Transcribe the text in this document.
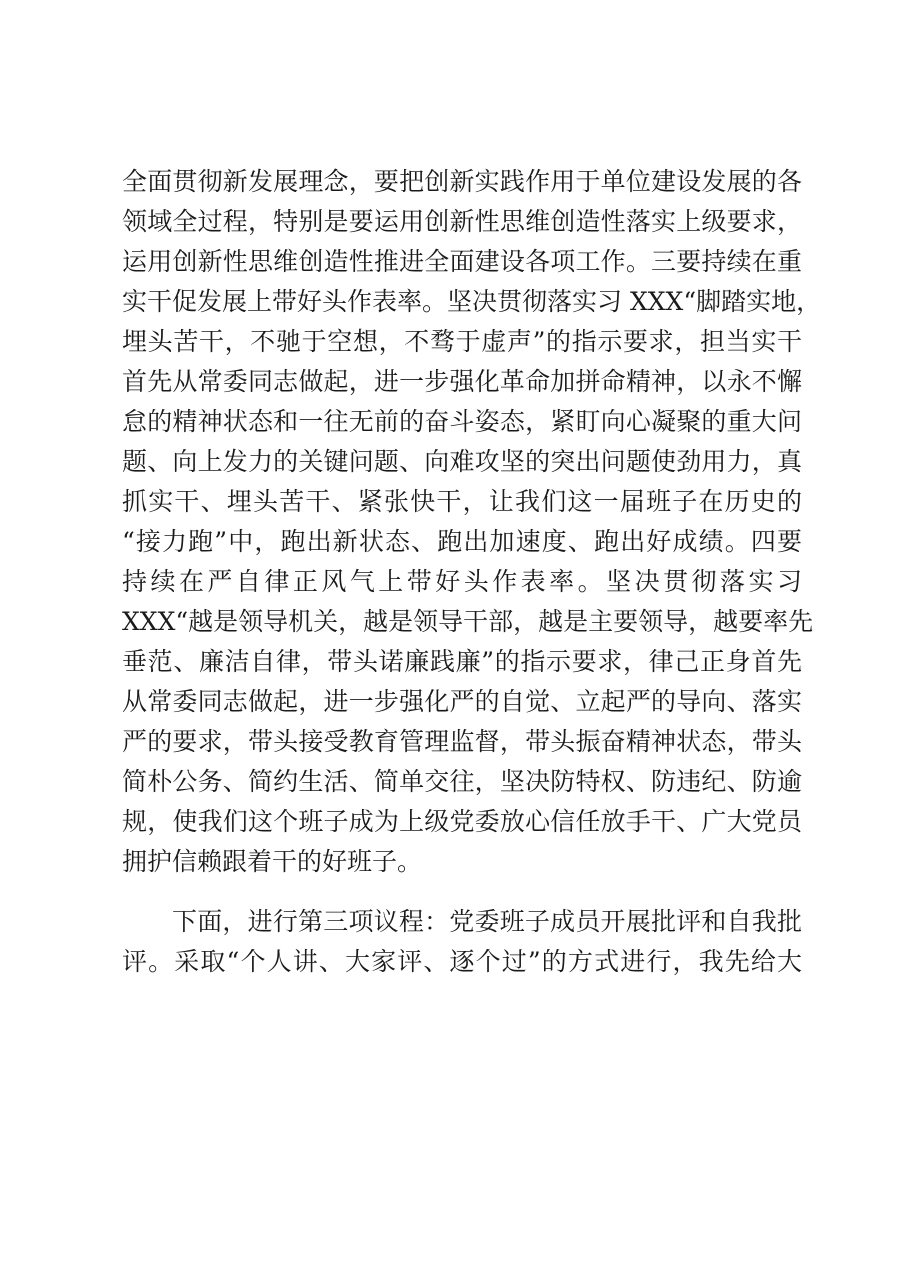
全面贯彻新发展理念，要把创新实践作用于单位建设发展的各
领域全过程，特别是要运用创新性思维创造性落实上级要求，
运用创新性思维创造性推进全面建设各项工作。三要持续在重
实干促发展上带好头作表率。坚决贯彻落实习 XXX“脚踏实地，
埋头苦干，不驰于空想，不骛于虚声”的指示要求，担当实干
首先从常委同志做起，进一步强化革命加拼命精神，以永不懈
怠的精神状态和一往无前的奋斗姿态，紧盯向心凝聚的重大问
题、向上发力的关键问题、向难攻坚的突出问题使劲用力，真
抓实干、埋头苦干、紧张快干，让我们这一届班子在历史的
“接力跑”中，跑出新状态、跑出加速度、跑出好成绩。四要
持续在严自律正风气上带好头作表率。坚决贯彻落实习
XXX“越是领导机关，越是领导干部，越是主要领导，越要率先
垂范、廉洁自律，带头诺廉践廉”的指示要求，律己正身首先
从常委同志做起，进一步强化严的自觉、立起严的导向、落实
严的要求，带头接受教育管理监督，带头振奋精神状态，带头
简朴公务、简约生活、简单交往，坚决防特权、防违纪、防逾
规，使我们这个班子成为上级党委放心信任放手干、广大党员
拥护信赖跟着干的好班子。
下面，进行第三项议程：党委班子成员开展批评和自我批
评。采取“个人讲、大家评、逐个过”的方式进行，我先给大
